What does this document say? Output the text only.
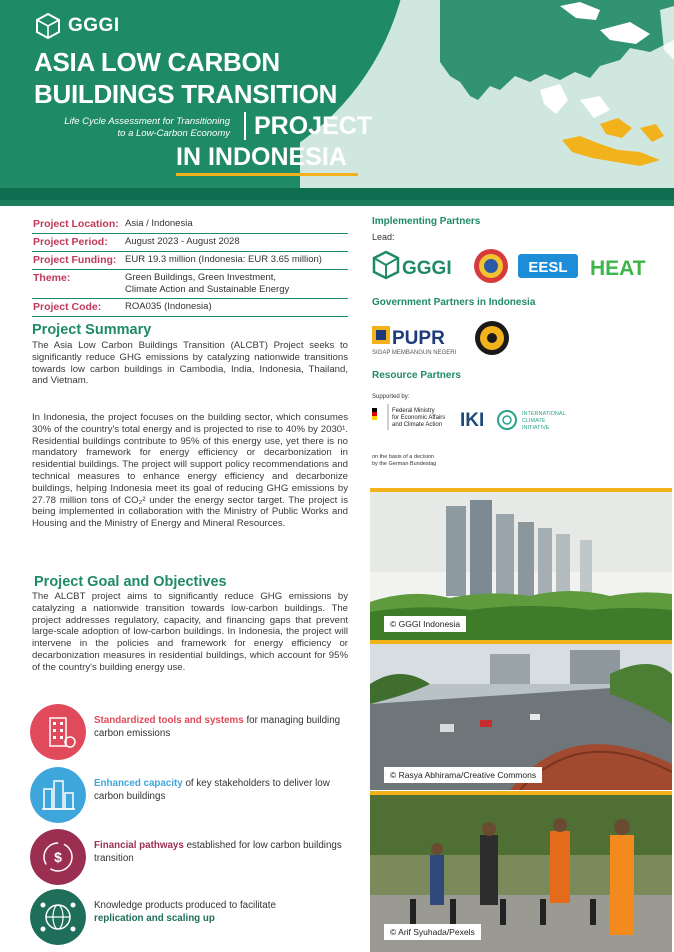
GGGI
ASIA LOW CARBON
BUILDINGS TRANSITION
Life Cycle Assessment for Transitioning
to a Low-Carbon Economy PROJECT
IN INDONESIA
Project Location: Asia / Indonesia
Project Period:	August 2023 - August 2028
Project Funding: EUR 19.3 million (Indonesia: EUR 3.65 million)
Theme:	Green Buildings, Green Investment,
Climate Action and Sustainable Energy
Project Code:	ROA035 (Indonesia)
Project Summary
The Asia Low Carbon Buildings Transition (ALCBT) Project seeks to significantly reduce GHG emissions by catalyzing nationwide transitions towards low carbon buildings in Cambodia, India, Indonesia, Thailand, and Vietnam.
In Indonesia, the project focuses on the building sector, which consumes 30% of the country's total energy and is projected to rise to 40% by 2030¹. Residential buildings contribute to 95% of this energy use, yet there is no mandatory framework for energy efficiency or decarbonization in residential buildings. The project will support policy recommendations and technical measures to enhance energy efficiency and decarbonize buildings, helping Indonesia meet its goal of reducing GHG emissions by 27.78 million tons of CO₂² under the energy sector target. The project is being implemented in collaboration with the Ministry of Public Works and Housing and the Ministry of Energy and Mineral Resources.
Project Goal and Objectives
The ALCBT project aims to significantly reduce GHG emissions by catalyzing a nationwide transition towards low-carbon buildings. The project addresses regulatory, capacity, and financing gaps that prevent large-scale adoption of low-carbon buildings. In Indonesia, the project will intervene in the policies and framework for energy efficiency or decarbonization measures in residential buildings, which account for 95% of the country's building energy use.
Standardized tools and systems for managing building carbon emissions
Enhanced capacity of key stakeholders to deliver low carbon buildings
$
Financial pathways established for low carbon buildings transition
Knowledge products produced to facilitate
replication and scaling up
Implementing Partners
Lead:
GGGI	EESL HEAT
Government Partners in Indonesia
PUPR
SIGAP MEMBANGUN NEGERI
Resource Partners
Supported by:
Federal Ministry
for Economic Affairs
and Climate Action IKI	INTERNATIONAL
CLIMATE
INITIATIVE
on the basis of a decision
by the German Bundestag
© GGGI Indonesia
© Rasya Abhirama/Creative Commons
© Arif Syuhada/Pexels
